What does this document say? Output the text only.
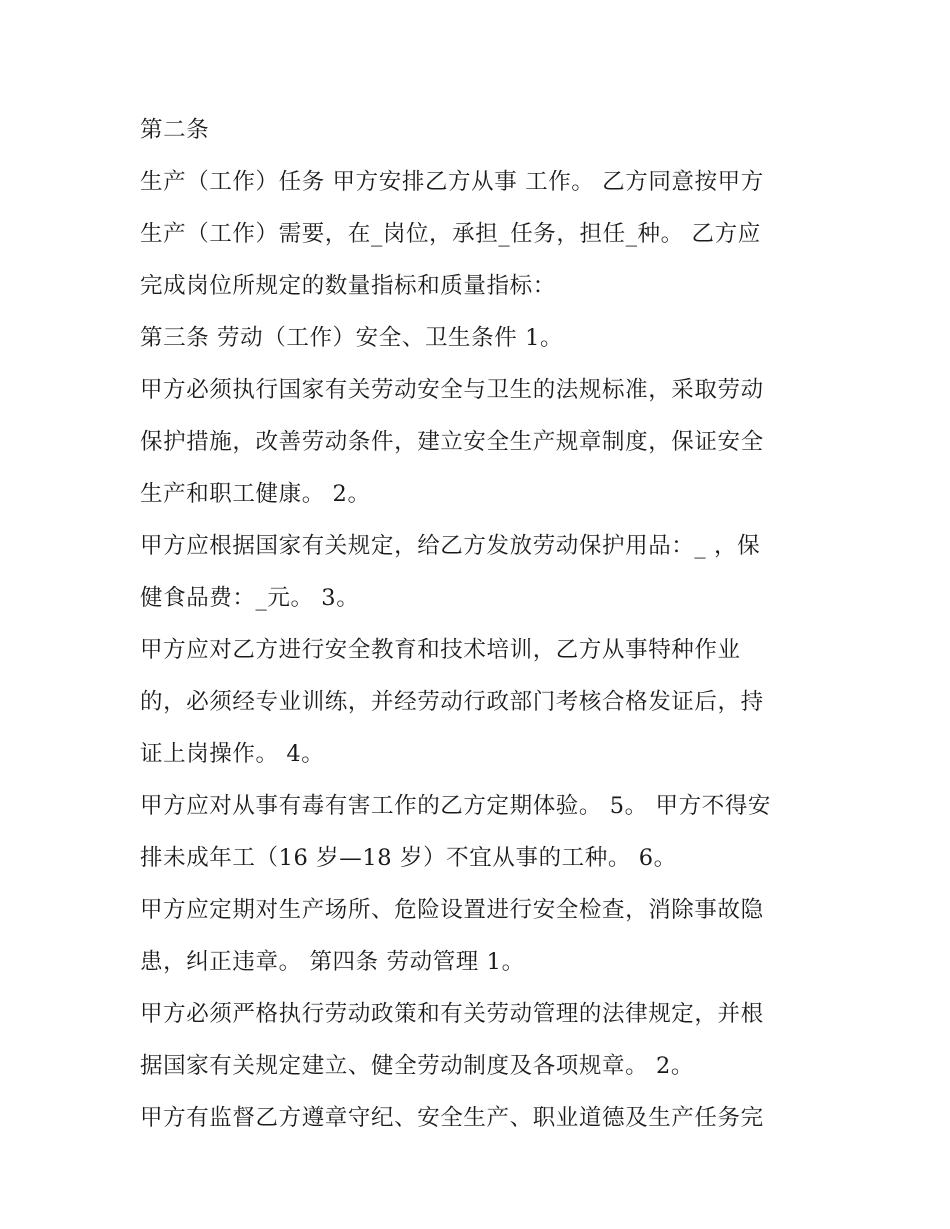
第二条

生产（工作）任务 甲方安排乙方从事 工作。 乙方同意按甲方

生产（工作）需要，在_岗位，承担_任务，担任_种。 乙方应

完成岗位所规定的数量指标和质量指标：

第三条 劳动（工作）安全、卫生条件 1。

甲方必须执行国家有关劳动安全与卫生的法规标准，采取劳动

保护措施，改善劳动条件，建立安全生产规章制度，保证安全

生产和职工健康。 2。

甲方应根据国家有关规定，给乙方发放劳动保护用品：_ ，保

健食品费：_元。 3。

甲方应对乙方进行安全教育和技术培训，乙方从事特种作业

的，必须经专业训练，并经劳动行政部门考核合格发证后，持

证上岗操作。 4。

甲方应对从事有毒有害工作的乙方定期体验。 5。 甲方不得安

排未成年工（16 岁—18 岁）不宜从事的工种。 6。

甲方应定期对生产场所、危险设置进行安全检查，消除事故隐

患，纠正违章。 第四条 劳动管理 1。

甲方必须严格执行劳动政策和有关劳动管理的法律规定，并根

据国家有关规定建立、健全劳动制度及各项规章。 2。

甲方有监督乙方遵章守纪、安全生产、职业道德及生产任务完
